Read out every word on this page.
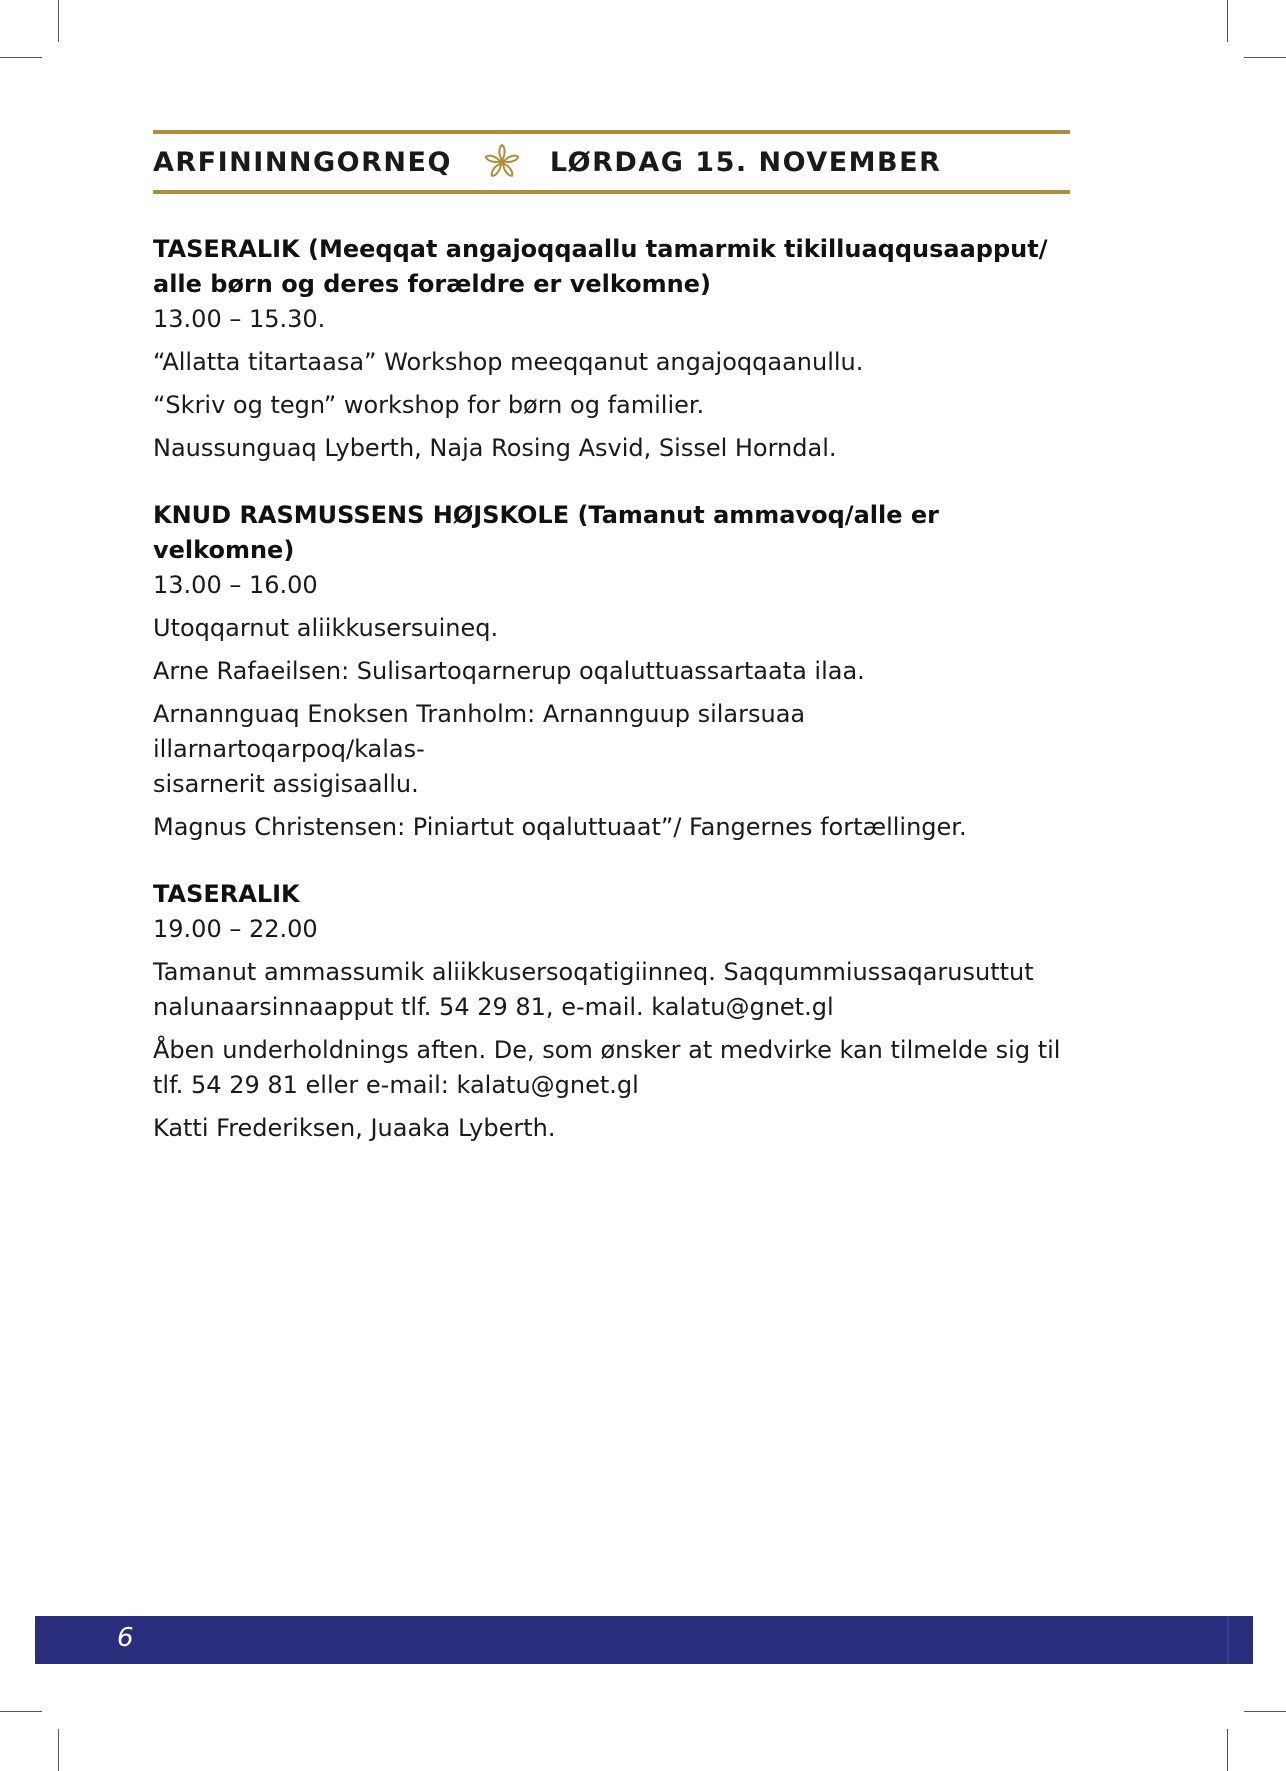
ARFININNGORNEQ	LØRDAG 15. NOVEMBER

TASERALIK (Meeqqat angajoqqaallu tamarmik tikilluaqqusaapput/

alle børn og deres forældre er velkomne)

13.00 – 15.30.

“Allatta titartaasa” Workshop meeqqanut angajoqqaanullu.

“Skriv og tegn” workshop for børn og familier.

Naussunguaq Lyberth, Naja Rosing Asvid, Sissel Horndal.

KNUD RASMUSSENS HØJSKOLE (Tamanut ammavoq/alle er velkomne)

13.00 – 16.00

Utoqqarnut aliikkusersuineq.

Arne Rafaeilsen: Sulisartoqarnerup oqaluttuassartaata ilaa.

Arnannguaq Enoksen Tranholm: Arnannguup silarsuaa illarnartoqarpoq/kalas-
sisarnerit assigisaallu.

Magnus Christensen: Piniartut oqaluttuaat”/ Fangernes fortællinger.

TASERALIK

19.00 – 22.00

Tamanut ammassumik aliikkusersoqatigiinneq. Saqqummiussaqarusuttut
nalunaarsinnaapput tlf. 54 29 81, e-mail. kalatu@gnet.gl
Åben underholdnings aften. De, som ønsker at medvirke kan tilmelde sig til
tlf. 54 29 81 eller e-mail: kalatu@gnet.gl

Katti Frederiksen, Juaaka Lyberth.

6
